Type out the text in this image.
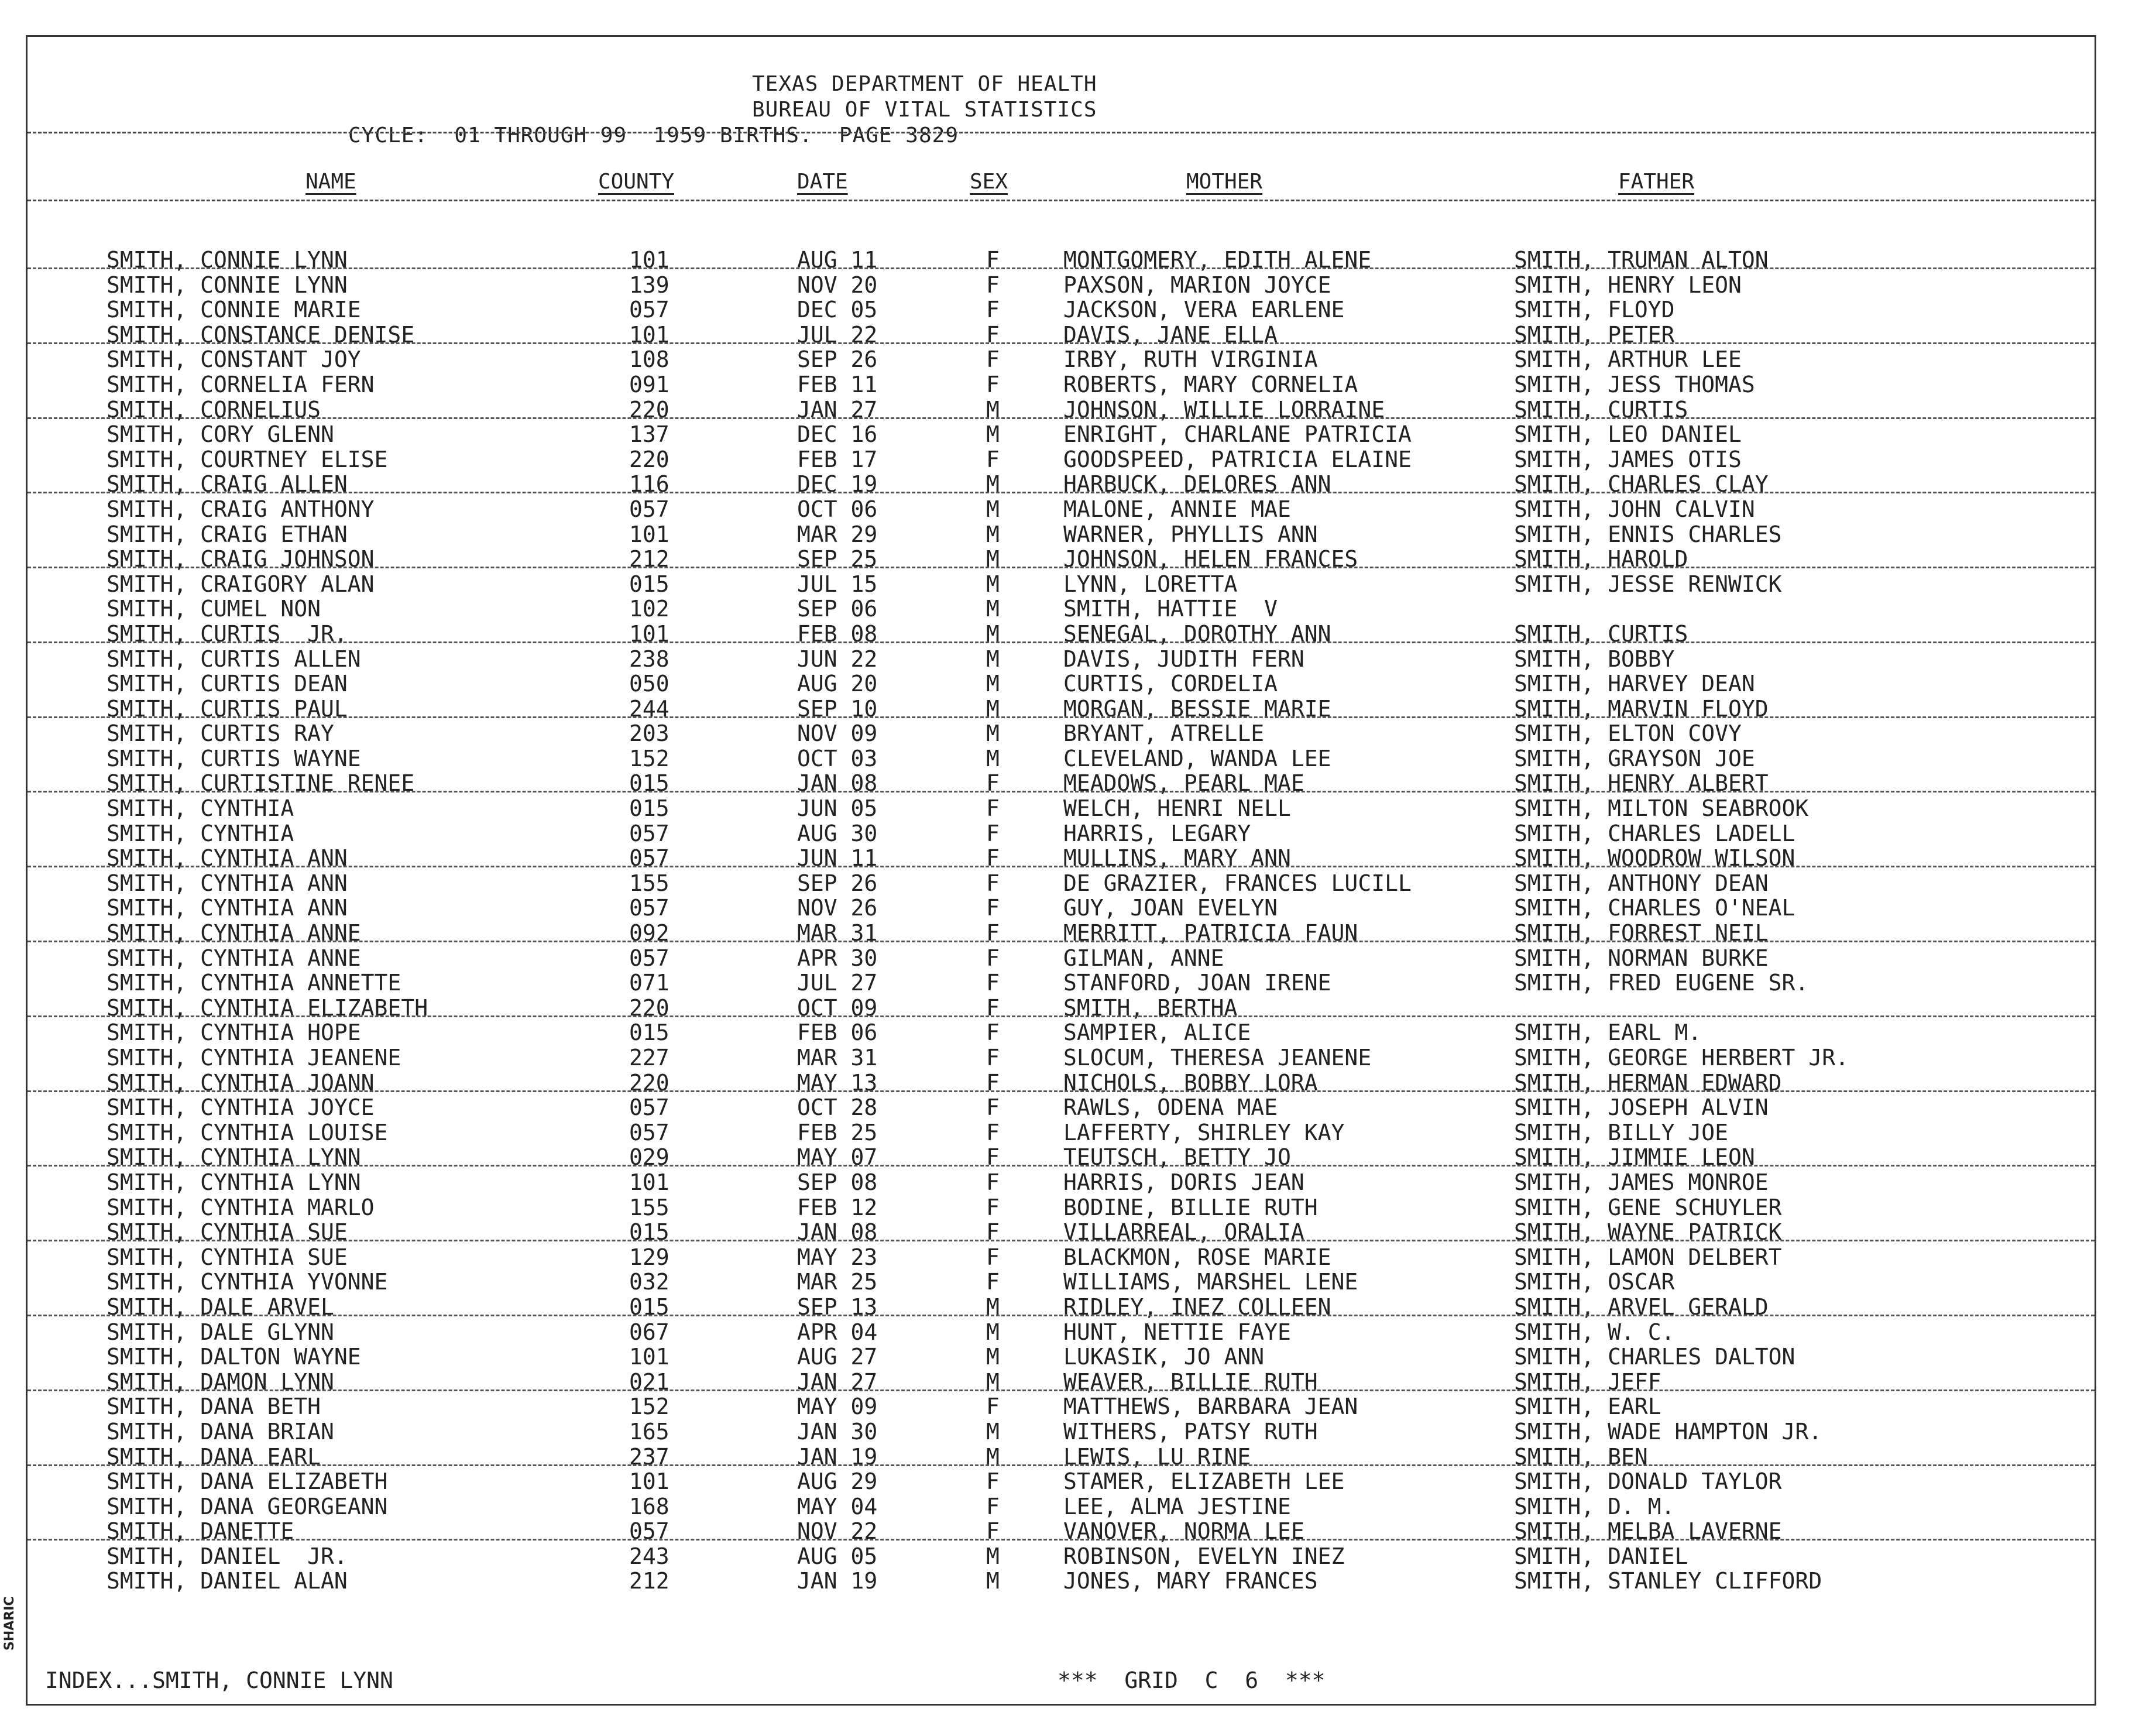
TEXAS DEPARTMENT OF HEALTH
BUREAU OF VITAL STATISTICS
CYCLE:  01 THROUGH 99  1959 BIRTHS.  PAGE 3829
NAME	COUNTY	DATE	SEX	MOTHER	FATHER
SMITH, CONNIE LYNN	101	AUG 11	F	MONTGOMERY, EDITH ALENE	SMITH, TRUMAN ALTON
SMITH, CONNIE LYNN	139	NOV 20	F	PAXSON, MARION JOYCE	SMITH, HENRY LEON
SMITH, CONNIE MARIE	057	DEC 05	F	JACKSON, VERA EARLENE	SMITH, FLOYD
SMITH, CONSTANCE DENISE	101	JUL 22	F	DAVIS, JANE ELLA	SMITH, PETER
SMITH, CONSTANT JOY	108	SEP 26	F	IRBY, RUTH VIRGINIA	SMITH, ARTHUR LEE
SMITH, CORNELIA FERN	091	FEB 11	F	ROBERTS, MARY CORNELIA	SMITH, JESS THOMAS
SMITH, CORNELIUS	220	JAN 27	M	JOHNSON, WILLIE LORRAINE	SMITH, CURTIS
SMITH, CORY GLENN	137	DEC 16	M	ENRIGHT, CHARLANE PATRICIA	SMITH, LEO DANIEL
SMITH, COURTNEY ELISE	220	FEB 17	F	GOODSPEED, PATRICIA ELAINE	SMITH, JAMES OTIS
SMITH, CRAIG ALLEN	116	DEC 19	M	HARBUCK, DELORES ANN	SMITH, CHARLES CLAY
SMITH, CRAIG ANTHONY	057	OCT 06	M	MALONE, ANNIE MAE	SMITH, JOHN CALVIN
SMITH, CRAIG ETHAN	101	MAR 29	M	WARNER, PHYLLIS ANN	SMITH, ENNIS CHARLES
SMITH, CRAIG JOHNSON	212	SEP 25	M	JOHNSON, HELEN FRANCES	SMITH, HAROLD
SMITH, CRAIGORY ALAN	015	JUL 15	M	LYNN, LORETTA	SMITH, JESSE RENWICK
SMITH, CUMEL NON	102	SEP 06	M	SMITH, HATTIE  V
SMITH, CURTIS  JR.	101	FEB 08	M	SENEGAL, DOROTHY ANN	SMITH, CURTIS
SMITH, CURTIS ALLEN	238	JUN 22	M	DAVIS, JUDITH FERN	SMITH, BOBBY
SMITH, CURTIS DEAN	050	AUG 20	M	CURTIS, CORDELIA	SMITH, HARVEY DEAN
SMITH, CURTIS PAUL	244	SEP 10	M	MORGAN, BESSIE MARIE	SMITH, MARVIN FLOYD
SMITH, CURTIS RAY	203	NOV 09	M	BRYANT, ATRELLE	SMITH, ELTON COVY
SMITH, CURTIS WAYNE	152	OCT 03	M	CLEVELAND, WANDA LEE	SMITH, GRAYSON JOE
SMITH, CURTISTINE RENEE	015	JAN 08	F	MEADOWS, PEARL MAE	SMITH, HENRY ALBERT
SMITH, CYNTHIA	015	JUN 05	F	WELCH, HENRI NELL	SMITH, MILTON SEABROOK
SMITH, CYNTHIA	057	AUG 30	F	HARRIS, LEGARY	SMITH, CHARLES LADELL
SMITH, CYNTHIA ANN	057	JUN 11	F	MULLINS, MARY ANN	SMITH, WOODROW WILSON
SMITH, CYNTHIA ANN	155	SEP 26	F	DE GRAZIER, FRANCES LUCILL	SMITH, ANTHONY DEAN
SMITH, CYNTHIA ANN	057	NOV 26	F	GUY, JOAN EVELYN	SMITH, CHARLES O'NEAL
SMITH, CYNTHIA ANNE	092	MAR 31	F	MERRITT, PATRICIA FAUN	SMITH, FORREST NEIL
SMITH, CYNTHIA ANNE	057	APR 30	F	GILMAN, ANNE	SMITH, NORMAN BURKE
SMITH, CYNTHIA ANNETTE	071	JUL 27	F	STANFORD, JOAN IRENE	SMITH, FRED EUGENE SR.
SMITH, CYNTHIA ELIZABETH	220	OCT 09	F	SMITH, BERTHA
SMITH, CYNTHIA HOPE	015	FEB 06	F	SAMPIER, ALICE	SMITH, EARL M.
SMITH, CYNTHIA JEANENE	227	MAR 31	F	SLOCUM, THERESA JEANENE	SMITH, GEORGE HERBERT JR.
SMITH, CYNTHIA JOANN	220	MAY 13	F	NICHOLS, BOBBY LORA	SMITH, HERMAN EDWARD
SMITH, CYNTHIA JOYCE	057	OCT 28	F	RAWLS, ODENA MAE	SMITH, JOSEPH ALVIN
SMITH, CYNTHIA LOUISE	057	FEB 25	F	LAFFERTY, SHIRLEY KAY	SMITH, BILLY JOE
SMITH, CYNTHIA LYNN	029	MAY 07	F	TEUTSCH, BETTY JO	SMITH, JIMMIE LEON
SMITH, CYNTHIA LYNN	101	SEP 08	F	HARRIS, DORIS JEAN	SMITH, JAMES MONROE
SMITH, CYNTHIA MARLO	155	FEB 12	F	BODINE, BILLIE RUTH	SMITH, GENE SCHUYLER
SMITH, CYNTHIA SUE	015	JAN 08	F	VILLARREAL, ORALIA	SMITH, WAYNE PATRICK
SMITH, CYNTHIA SUE	129	MAY 23	F	BLACKMON, ROSE MARIE	SMITH, LAMON DELBERT
SMITH, CYNTHIA YVONNE	032	MAR 25	F	WILLIAMS, MARSHEL LENE	SMITH, OSCAR
SMITH, DALE ARVEL	015	SEP 13	M	RIDLEY, INEZ COLLEEN	SMITH, ARVEL GERALD
SMITH, DALE GLYNN	067	APR 04	M	HUNT, NETTIE FAYE	SMITH, W. C.
SMITH, DALTON WAYNE	101	AUG 27	M	LUKASIK, JO ANN	SMITH, CHARLES DALTON
SMITH, DAMON LYNN	021	JAN 27	M	WEAVER, BILLIE RUTH	SMITH, JEFF
SMITH, DANA BETH	152	MAY 09	F	MATTHEWS, BARBARA JEAN	SMITH, EARL
SMITH, DANA BRIAN	165	JAN 30	M	WITHERS, PATSY RUTH	SMITH, WADE HAMPTON JR.
SMITH, DANA EARL	237	JAN 19	M	LEWIS, LU RINE	SMITH, BEN
SMITH, DANA ELIZABETH	101	AUG 29	F	STAMER, ELIZABETH LEE	SMITH, DONALD TAYLOR
SMITH, DANA GEORGEANN	168	MAY 04	F	LEE, ALMA JESTINE	SMITH, D. M.
SMITH, DANETTE	057	NOV 22	F	VANOVER, NORMA LEE	SMITH, MELBA LAVERNE
SMITH, DANIEL  JR.	243	AUG 05	M	ROBINSON, EVELYN INEZ	SMITH, DANIEL
SMITH, DANIEL ALAN	212	JAN 19	M	JONES, MARY FRANCES	SMITH, STANLEY CLIFFORD
INDEX...SMITH, CONNIE LYNN	***  GRID  C  6  ***
SHARIC
